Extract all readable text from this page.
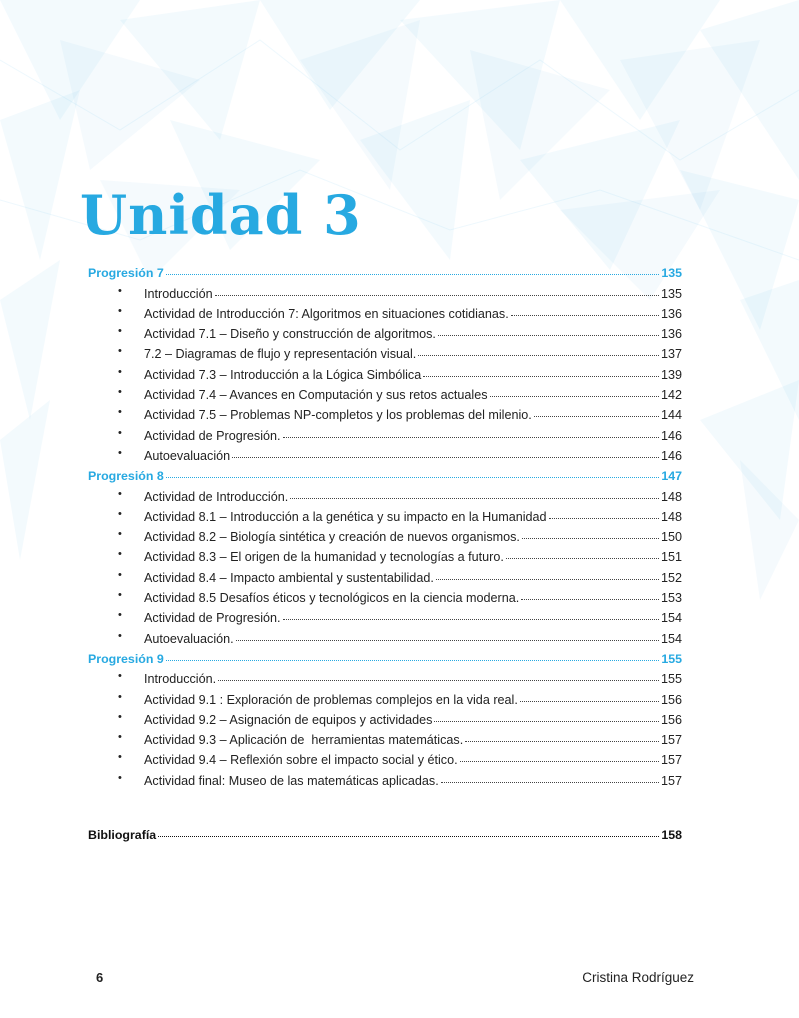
Unidad 3
Progresión 7	135
•	Introducción	135
•	Actividad de Introducción 7: Algoritmos en situaciones cotidianas.	136
•	Actividad 7.1 – Diseño y construcción de algoritmos.	136
•	7.2 – Diagramas de flujo y representación visual.	137
•	Actividad 7.3 – Introducción a la Lógica Simbólica	139
•	Actividad 7.4 – Avances en Computación y sus retos actuales	142
•	Actividad 7.5 – Problemas NP-completos y los problemas del milenio.	144
•	Actividad de Progresión.	146
•	Autoevaluación	146
Progresión 8	147
•	Actividad de Introducción.	148
•	Actividad 8.1 – Introducción a la genética y su impacto en la Humanidad	148
•	Actividad 8.2 – Biología sintética y creación de nuevos organismos.	150
•	Actividad 8.3 – El origen de la humanidad y tecnologías a futuro.	151
•	Actividad 8.4 – Impacto ambiental y sustentabilidad.	152
•	Actividad 8.5 Desafíos éticos y tecnológicos en la ciencia moderna.	153
•	Actividad de Progresión.	154
•	Autoevaluación.	154
Progresión 9	155
•	Introducción.	155
•	Actividad 9.1 : Exploración de problemas complejos en la vida real.	156
•	Actividad 9.2 – Asignación de equipos y actividades	156
•	Actividad 9.3 – Aplicación de  herramientas matemáticas.	157
•	Actividad 9.4 – Reflexión sobre el impacto social y ético.	157
•	Actividad final: Museo de las matemáticas aplicadas.	157
Bibliografía	158
6	Cristina Rodríguez
